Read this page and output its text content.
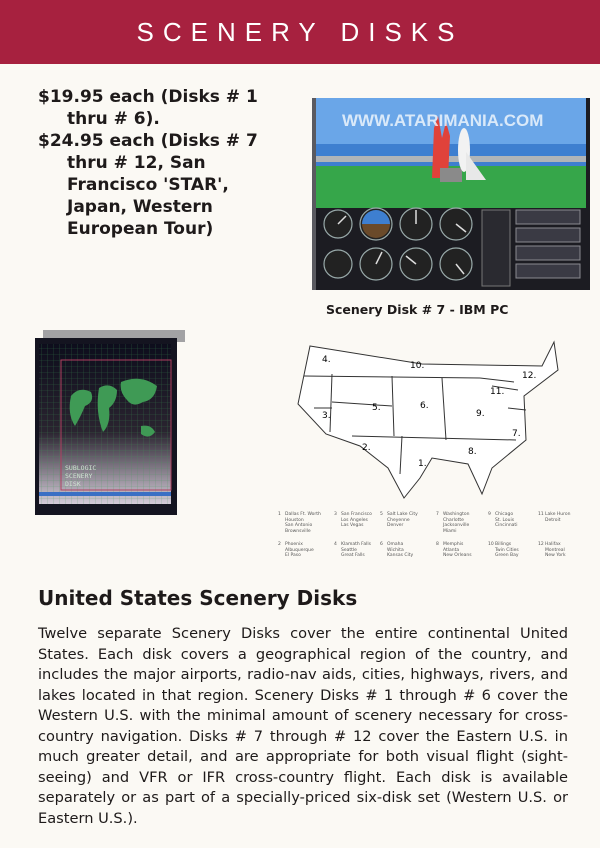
SCENERY DISKS

$19.95 each (Disks # 1

thru # 6).

$24.95 each (Disks # 7

thru # 12, San

Francisco 'STAR',

Japan, Western

European Tour)

WWW.ATARIMANIA.COM
Scenery Disk # 7 - IBM PC
SUBLOGIC
SCENERY
DISK
1.
2.
3.
4.
5.	6.
7.
8.
9.
10.
11.
12.
1 Dallas Ft. Worth
Houston
San Antonio
Brownsville
2 Phoenix
Albuquerque
El Paso
3 San Francisco
Los Angeles
Las Vegas
4 Klamath Falls
Seattle
Great Falls
5 Salt Lake City
Cheyenne
Denver
6 Omaha
Wichita
Kansas City
7 Washington
Charlotte
Jacksonville
Miami
8 Memphis
Atlanta
New Orleans
9 Chicago
St. Louis
Cincinnati
10 Billings
Twin Cities
Green Bay
11 Lake Huron
Detroit
12 Halifax
Montreal
New York
United States Scenery Disks

Twelve separate Scenery Disks cover the entire continental United States. Each disk covers a geographical region of the country, and includes the major airports, radio-nav aids, cities, highways, rivers, and lakes located in that region. Scenery Disks # 1 through # 6 cover the Western U.S. with the minimal amount of scenery necessary for cross-country navigation. Disks # 7 through # 12 cover the Eastern U.S. in much greater detail, and are appropriate for both visual flight (sight-seeing) and VFR or IFR cross-country flight. Each disk is available separately or as part of a specially-priced six-disk set (Western U.S. or Eastern U.S.).
